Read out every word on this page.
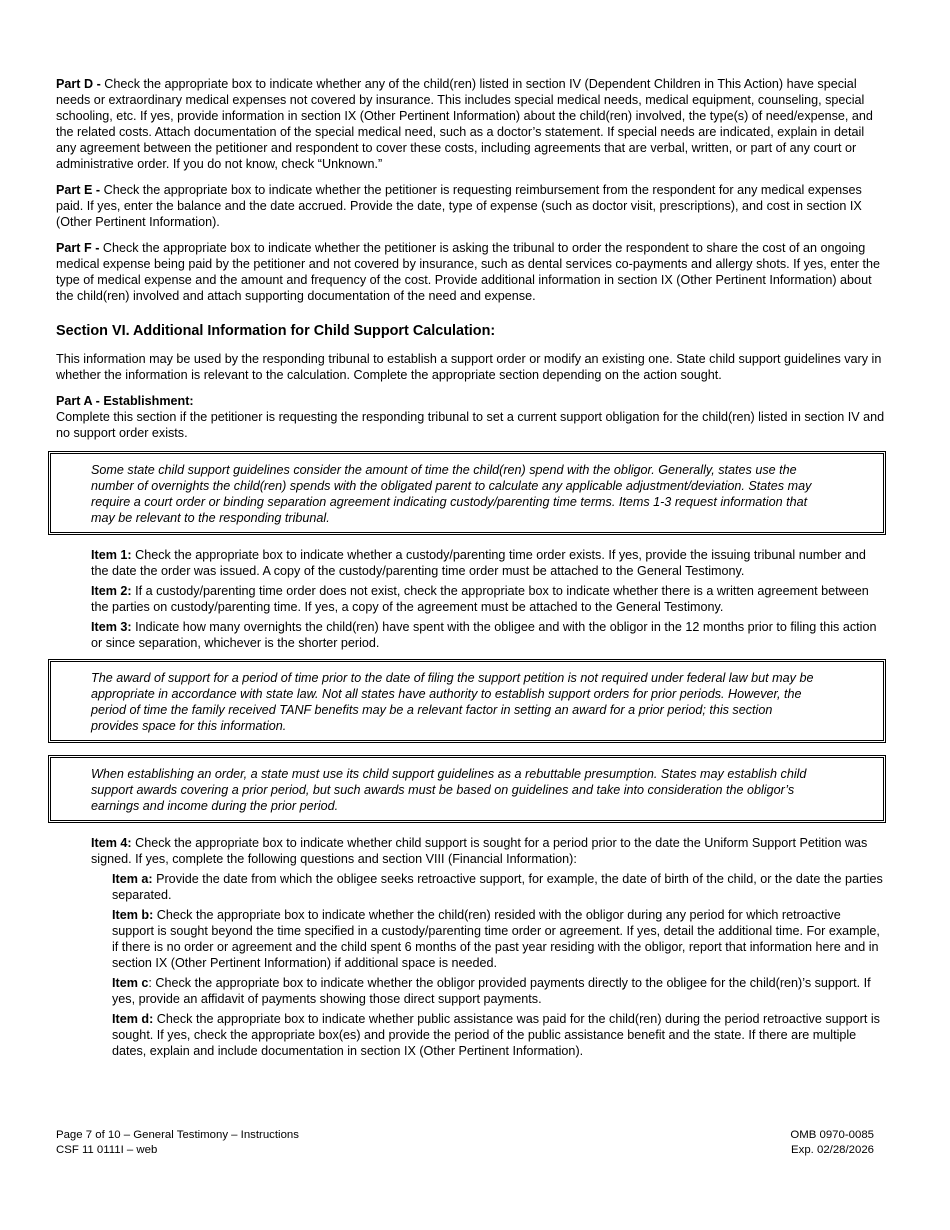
Part D - Check the appropriate box to indicate whether any of the child(ren) listed in section IV (Dependent Children in This Action) have special needs or extraordinary medical expenses not covered by insurance. This includes special medical needs, medical equipment, counseling, special schooling, etc. If yes, provide information in section IX (Other Pertinent Information) about the child(ren) involved, the type(s) of need/expense, and the related costs. Attach documentation of the special medical need, such as a doctor’s statement. If special needs are indicated, explain in detail any agreement between the petitioner and respondent to cover these costs, including agreements that are verbal, written, or part of any court or administrative order. If you do not know, check “Unknown.”

Part E - Check the appropriate box to indicate whether the petitioner is requesting reimbursement from the respondent for any medical expenses paid. If yes, enter the balance and the date accrued. Provide the date, type of expense (such as doctor visit, prescriptions), and cost in section IX (Other Pertinent Information).

Part F - Check the appropriate box to indicate whether the petitioner is asking the tribunal to order the respondent to share the cost of an ongoing medical expense being paid by the petitioner and not covered by insurance, such as dental services co-payments and allergy shots. If yes, enter the type of medical expense and the amount and frequency of the cost. Provide additional information in section IX (Other Pertinent Information) about the child(ren) involved and attach supporting documentation of the need and expense.

Section VI. Additional Information for Child Support Calculation:

This information may be used by the responding tribunal to establish a support order or modify an existing one. State child support guidelines vary in whether the information is relevant to the calculation. Complete the appropriate section depending on the action sought.

Part A - Establishment:

Complete this section if the petitioner is requesting the responding tribunal to set a current support obligation for the child(ren) listed in section IV and no support order exists.

Some state child support guidelines consider the amount of time the child(ren) spend with the obligor. Generally, states use the number of overnights the child(ren) spends with the obligated parent to calculate any applicable adjustment/deviation. States may require a court order or binding separation agreement indicating custody/parenting time terms. Items 1-3 request information that may be relevant to the responding tribunal.

Item 1: Check the appropriate box to indicate whether a custody/parenting time order exists. If yes, provide the issuing tribunal number and the date the order was issued. A copy of the custody/parenting time order must be attached to the General Testimony.
Item 2: If a custody/parenting time order does not exist, check the appropriate box to indicate whether there is a written agreement between the parties on custody/parenting time. If yes, a copy of the agreement must be attached to the General Testimony.
Item 3: Indicate how many overnights the child(ren) have spent with the obligee and with the obligor in the 12 months prior to filing this action or since separation, whichever is the shorter period.

The award of support for a period of time prior to the date of filing the support petition is not required under federal law but may be appropriate in accordance with state law. Not all states have authority to establish support orders for prior periods. However, the period of time the family received TANF benefits may be a relevant factor in setting an award for a prior period; this section provides space for this information.

When establishing an order, a state must use its child support guidelines as a rebuttable presumption. States may establish child support awards covering a prior period, but such awards must be based on guidelines and take into consideration the obligor’s earnings and income during the prior period.

Item 4: Check the appropriate box to indicate whether child support is sought for a period prior to the date the Uniform Support Petition was signed. If yes, complete the following questions and section VIII (Financial Information):
Item a: Provide the date from which the obligee seeks retroactive support, for example, the date of birth of the child, or the date the parties separated.
Item b: Check the appropriate box to indicate whether the child(ren) resided with the obligor during any period for which retroactive support is sought beyond the time specified in a custody/parenting time order or agreement. If yes, detail the additional time. For example, if there is no order or agreement and the child spent 6 months of the past year residing with the obligor, report that information here and in section IX (Other Pertinent Information) if additional space is needed.
Item c: Check the appropriate box to indicate whether the obligor provided payments directly to the obligee for the child(ren)’s support. If yes, provide an affidavit of payments showing those direct support payments.
Item d: Check the appropriate box to indicate whether public assistance was paid for the child(ren) during the period retroactive support is sought. If yes, check the appropriate box(es) and provide the period of the public assistance benefit and the state. If there are multiple dates, explain and include documentation in section IX (Other Pertinent Information).
Page 7 of 10 – General Testimony – Instructions
CSF 11 0111I – web
OMB 0970-0085
Exp. 02/28/2026
